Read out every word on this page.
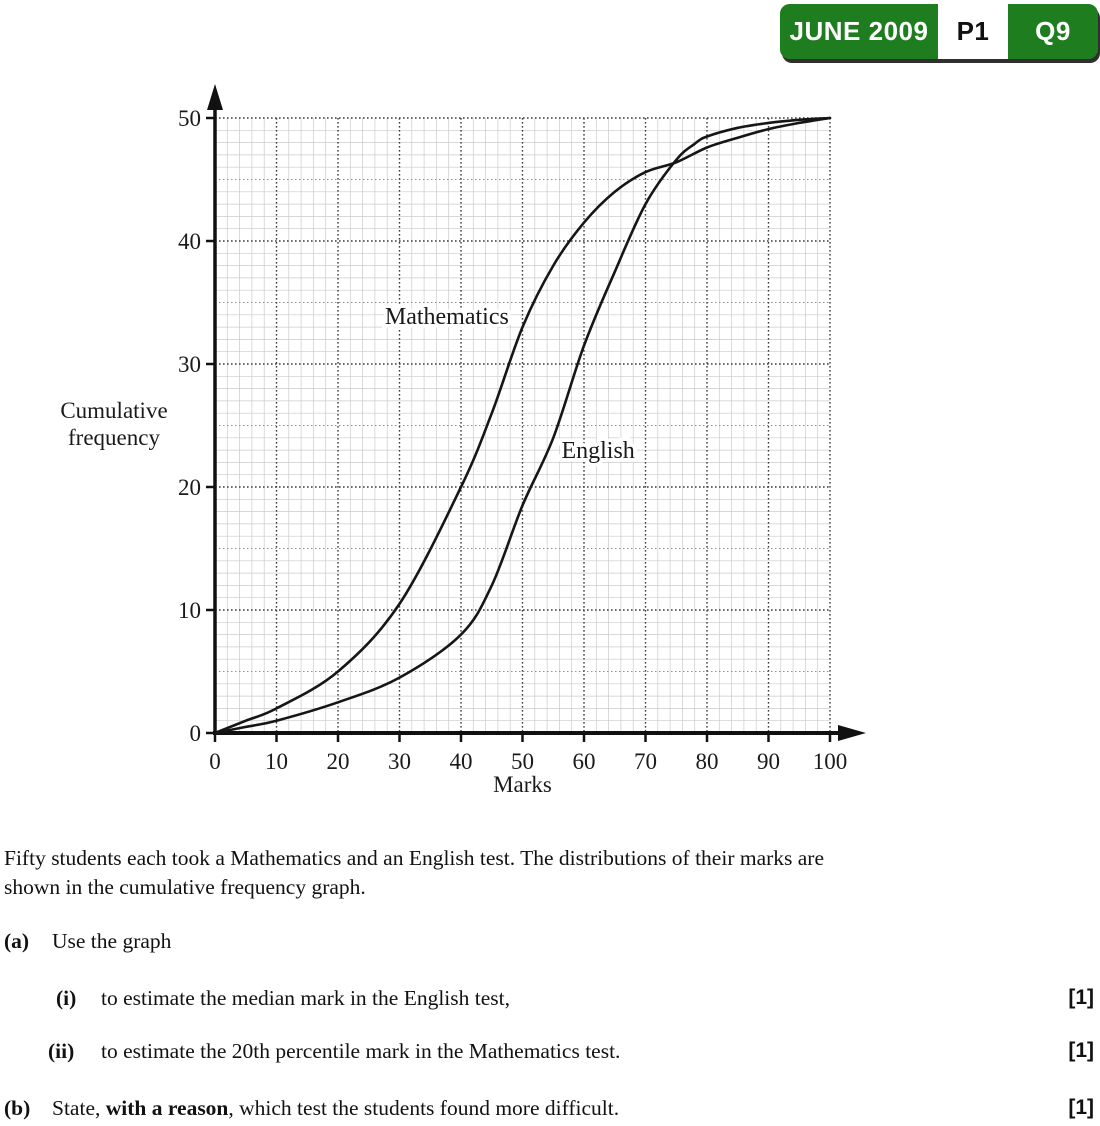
JUNE 2009	P1	Q9
0 10 20 30 40 50 60 70 80 90 100
0
10
20
30
40
50
Cumulative
frequency
Marks
Mathematics
English
Fifty students each took a Mathematics and an English test. The distributions of their marks are
shown in the cumulative frequency graph.
(a) Use the graph
(i) to estimate the median mark in the English test,	[1]
(ii) to estimate the 20th percentile mark in the Mathematics test.	[1]
(b) State, with a reason, which test the students found more difficult.	[1]
